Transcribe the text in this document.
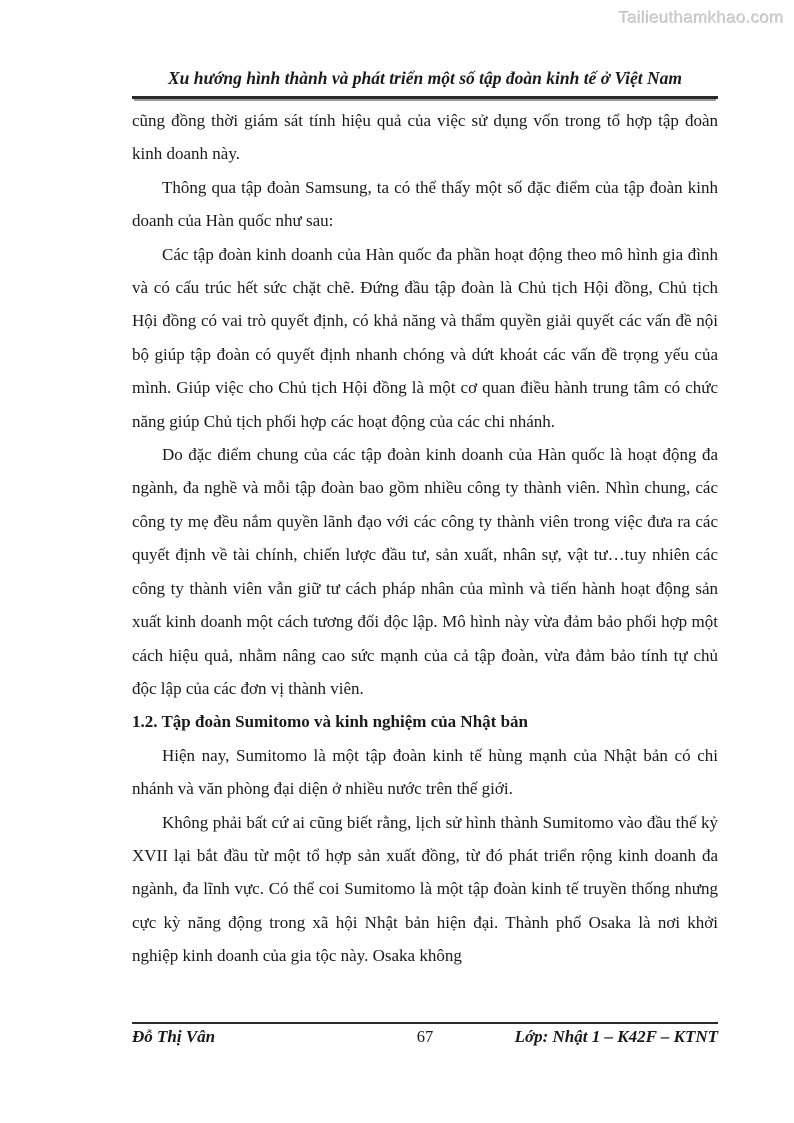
Tailieuthamkhao.com
Xu hướng hình thành và phát triển một số tập đoàn kinh tế ở Việt Nam

cũng đồng thời giám sát tính hiệu quả của việc sử dụng vốn trong tổ hợp tập đoàn kinh doanh này.

Thông qua tập đoàn Samsung, ta có thể thấy một số đặc điểm của tập đoàn kinh doanh của Hàn quốc như sau:

Các tập đoàn kinh doanh của Hàn quốc đa phần hoạt động theo mô hình gia đình và có cấu trúc hết sức chặt chẽ. Đứng đầu tập đoàn là Chủ tịch Hội đồng, Chủ tịch Hội đồng có vai trò quyết định, có khả năng và thẩm quyền giải quyết các vấn đề nội bộ giúp tập đoàn có quyết định nhanh chóng và dứt khoát các vấn đề trọng yếu của mình. Giúp việc cho Chủ tịch Hội đồng là một cơ quan điều hành trung tâm có chức năng giúp Chủ tịch phối hợp các hoạt động của các chi nhánh.

Do đặc điểm chung của các tập đoàn kinh doanh của Hàn quốc là hoạt động đa ngành, đa nghề và mỗi tập đoàn bao gồm nhiều công ty thành viên. Nhìn chung, các công ty mẹ đều nắm quyền lãnh đạo với các công ty thành viên trong việc đưa ra các quyết định về tài chính, chiến lược đầu tư, sản xuất, nhân sự, vật tư…tuy nhiên các công ty thành viên vẫn giữ tư cách pháp nhân của mình và tiến hành hoạt động sản xuất kinh doanh một cách tương đối độc lập. Mô hình này vừa đảm bảo phối hợp một cách hiệu quả, nhằm nâng cao sức mạnh của cả tập đoàn, vừa đảm bảo tính tự chủ độc lập của các đơn vị thành viên.

1.2. Tập đoàn Sumitomo và kinh nghiệm của Nhật bản

Hiện nay, Sumitomo là một tập đoàn kinh tế hùng mạnh của Nhật bản có chi nhánh và văn phòng đại diện ở nhiều nước trên thế giới.

Không phải bất cứ ai cũng biết rằng, lịch sử hình thành Sumitomo vào đầu thế kỷ XVII lại bắt đầu từ một tổ hợp sản xuất đồng, từ đó phát triển rộng kinh doanh đa ngành, đa lĩnh vực. Có thể coi Sumitomo là một tập đoàn kinh tế truyền thống nhưng cực kỳ năng động trong xã hội Nhật bản hiện đại. Thành phố Osaka là nơi khởi nghiệp kinh doanh của gia tộc này. Osaka không

Đỗ Thị Vân	67	Lớp: Nhật 1 – K42F – KTNT
